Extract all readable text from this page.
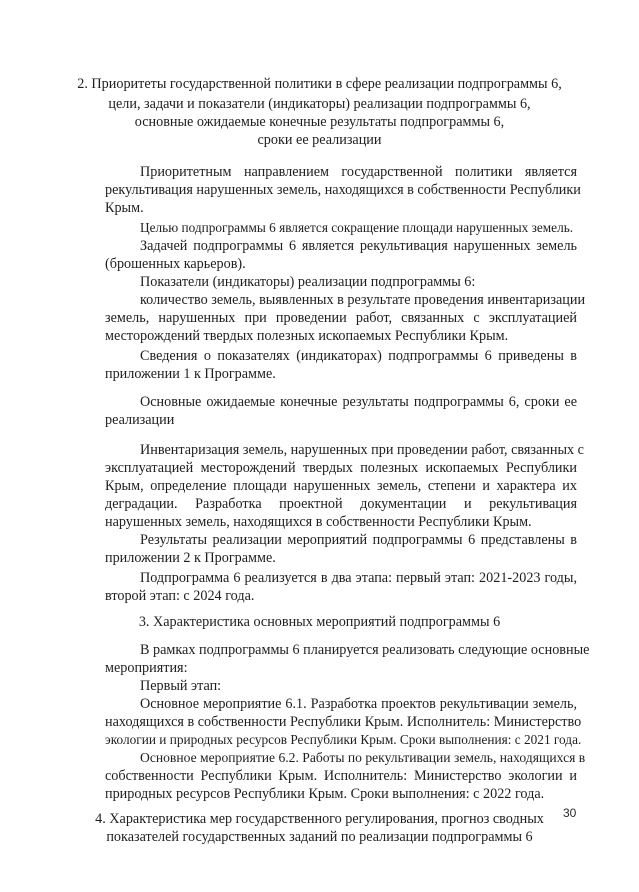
2. Приоритеты государственной политики в сфере реализации подпрограммы 6,

цели, задачи и показатели (индикаторы) реализации подпрограммы 6,

основные ожидаемые конечные результаты подпрограммы 6,

сроки ее реализации

Приоритетным направлением государственной политики является

рекультивация нарушенных земель, находящихся в собственности Республики

Крым.

Целью подпрограммы 6 является сокращение площади нарушенных земель.

Задачей подпрограммы 6 является рекультивация нарушенных земель

(брошенных карьеров).

Показатели (индикаторы) реализации подпрограммы 6:

количество земель, выявленных в результате проведения инвентаризации

земель, нарушенных при проведении работ, связанных с эксплуатацией

месторождений твердых полезных ископаемых Республики Крым.

Сведения о показателях (индикаторах) подпрограммы 6 приведены в

приложении 1 к Программе.

Основные ожидаемые конечные результаты подпрограммы 6, сроки ее

реализации

Инвентаризация земель, нарушенных при проведении работ, связанных с

эксплуатацией месторождений твердых полезных ископаемых Республики

Крым, определение площади нарушенных земель, степени и характера их

деградации. Разработка проектной документации и рекультивация

нарушенных земель, находящихся в собственности Республики Крым.

Результаты реализации мероприятий подпрограммы 6 представлены в

приложении 2 к Программе.

Подпрограмма 6 реализуется в два этапа: первый этап: 2021-2023 годы,

второй этап: с 2024 года.

3. Характеристика основных мероприятий подпрограммы 6

В рамках подпрограммы 6 планируется реализовать следующие основные

мероприятия:

Первый этап:

Основное мероприятие 6.1. Разработка проектов рекультивации земель,

находящихся в собственности Республики Крым. Исполнитель: Министерство

экологии и природных ресурсов Республики Крым. Сроки выполнения: с 2021 года.

Основное мероприятие 6.2. Работы по рекультивации земель, находящихся в

собственности Республики Крым. Исполнитель: Министерство экологии и

природных ресурсов Республики Крым. Сроки выполнения: с 2022 года.

4. Характеристика мер государственного регулирования, прогноз сводных

показателей государственных заданий по реализации подпрограммы 6

30
